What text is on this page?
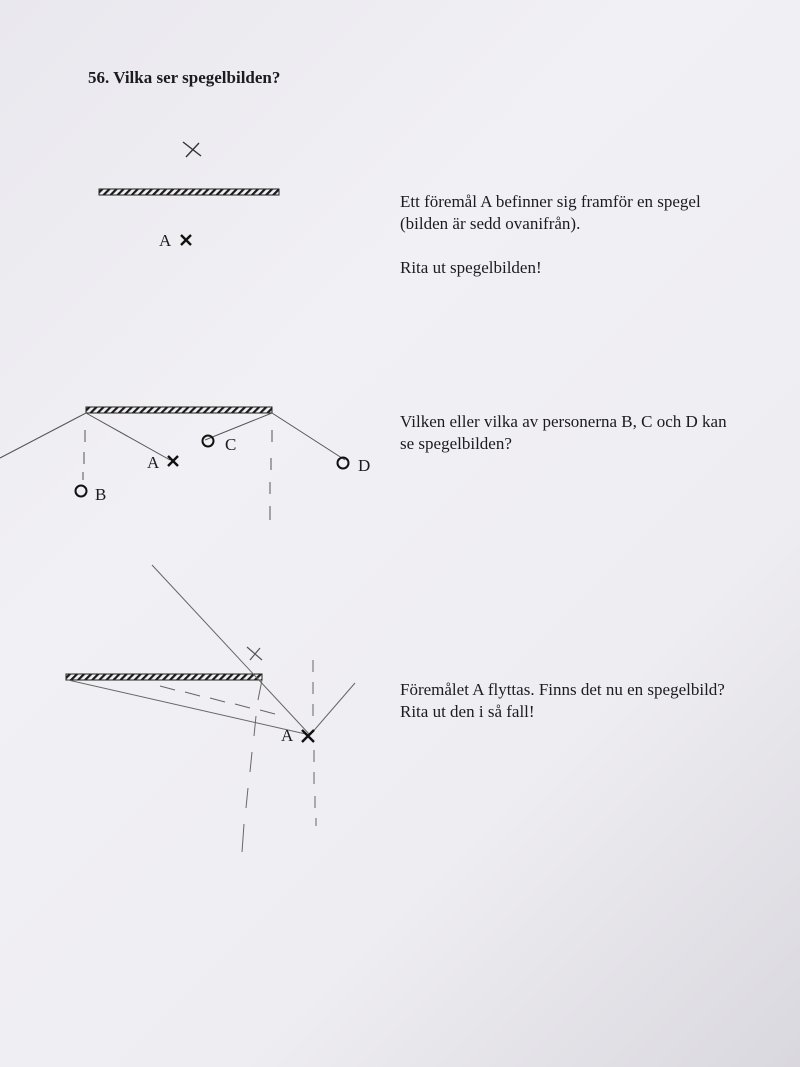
56. Vilka ser spegelbilden?

Ett föremål A befinner sig framför en spegel (bilden är sedd ovanifrån).

Rita ut spegelbilden!

A

Vilken eller vilka av personerna B, C och D kan se spegelbilden?

A
B
C
D

Föremålet A flyttas. Finns det nu en spegelbild? Rita ut den i så fall!

A
